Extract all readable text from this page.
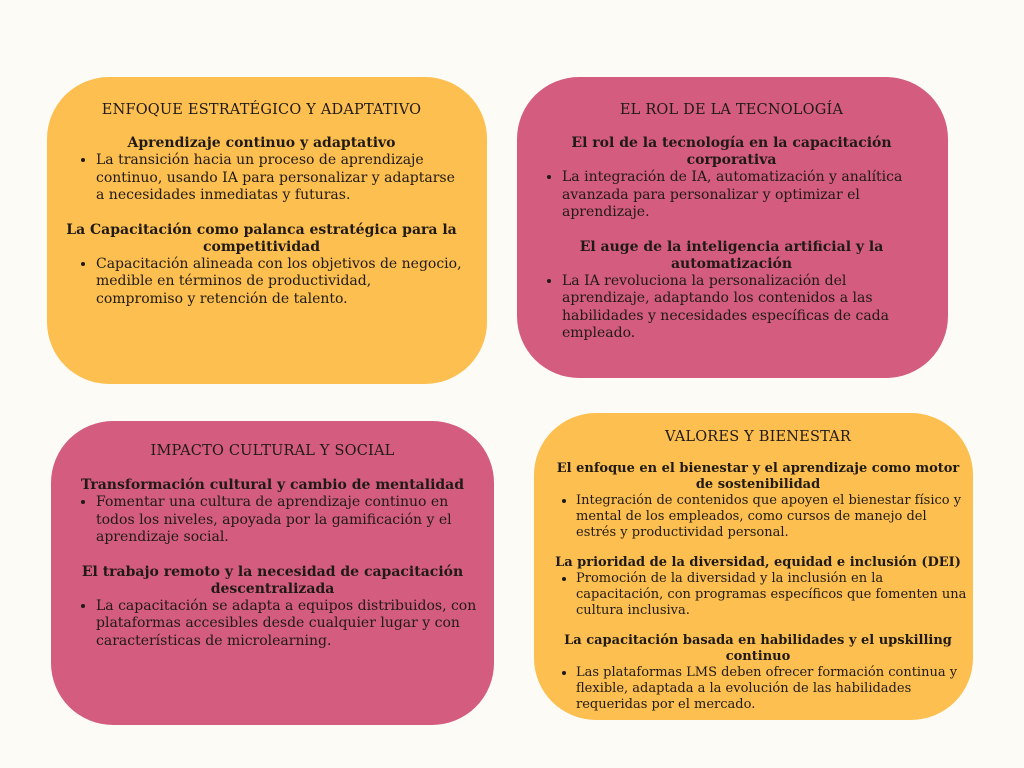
ENFOQUE ESTRATÉGICO Y ADAPTATIVO
Aprendizaje continuo y adaptativo
• La transición hacia un proceso de aprendizaje continuo, usando IA para personalizar y adaptarse a necesidades inmediatas y futuras.
La Capacitación como palanca estratégica para la competitividad
• Capacitación alineada con los objetivos de negocio, medible en términos de productividad, compromiso y retención de talento.
EL ROL DE LA TECNOLOGÍA
El rol de la tecnología en la capacitación corporativa
• La integración de IA, automatización y analítica avanzada para personalizar y optimizar el aprendizaje.
El auge de la inteligencia artificial y la automatización
• La IA revoluciona la personalización del aprendizaje, adaptando los contenidos a las habilidades y necesidades específicas de cada empleado.
IMPACTO CULTURAL Y SOCIAL
Transformación cultural y cambio de mentalidad
• Fomentar una cultura de aprendizaje continuo en todos los niveles, apoyada por la gamificación y el aprendizaje social.
El trabajo remoto y la necesidad de capacitación descentralizada
• La capacitación se adapta a equipos distribuidos, con plataformas accesibles desde cualquier lugar y con características de microlearning.
VALORES Y BIENESTAR
El enfoque en el bienestar y el aprendizaje como motor de sostenibilidad
• Integración de contenidos que apoyen el bienestar físico y mental de los empleados, como cursos de manejo del estrés y productividad personal.
La prioridad de la diversidad, equidad e inclusión (DEI)
• Promoción de la diversidad y la inclusión en la capacitación, con programas específicos que fomenten una cultura inclusiva.
La capacitación basada en habilidades y el upskilling continuo
• Las plataformas LMS deben ofrecer formación continua y flexible, adaptada a la evolución de las habilidades requeridas por el mercado.
